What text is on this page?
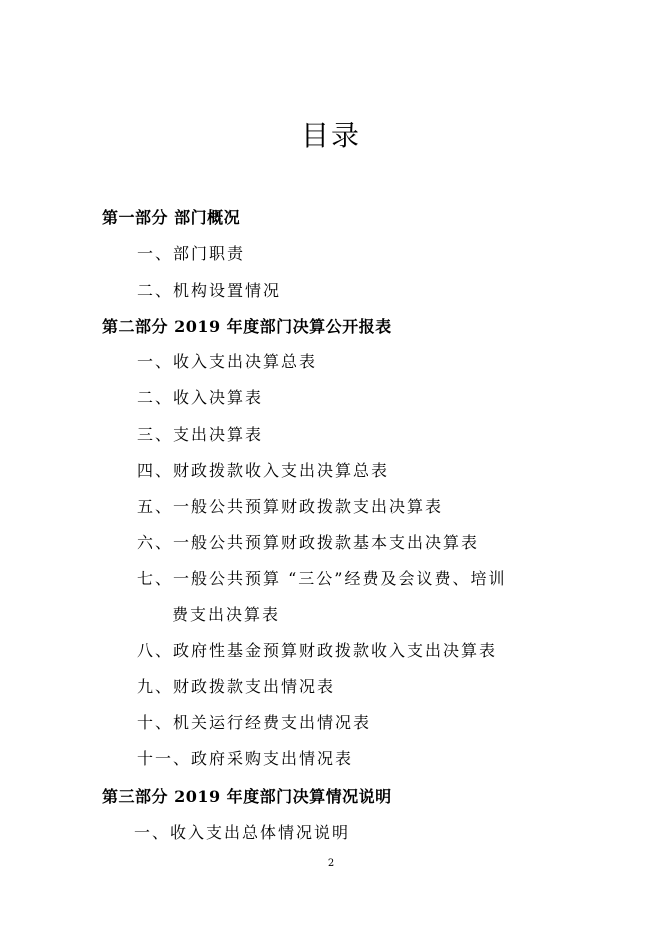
目录
第一部分 部门概况
一、部门职责
二、机构设置情况
第二部分 2019 年度部门决算公开报表
一、收入支出决算总表
二、收入决算表
三、支出决算表
四、财政拨款收入支出决算总表
五、一般公共预算财政拨款支出决算表
六、一般公共预算财政拨款基本支出决算表
七、一般公共预算 “三公”经费及会议费、培训
费支出决算表
八、政府性基金预算财政拨款收入支出决算表
九、财政拨款支出情况表
十、机关运行经费支出情况表
十一、政府采购支出情况表
第三部分 2019 年度部门决算情况说明
一、收入支出总体情况说明
2
